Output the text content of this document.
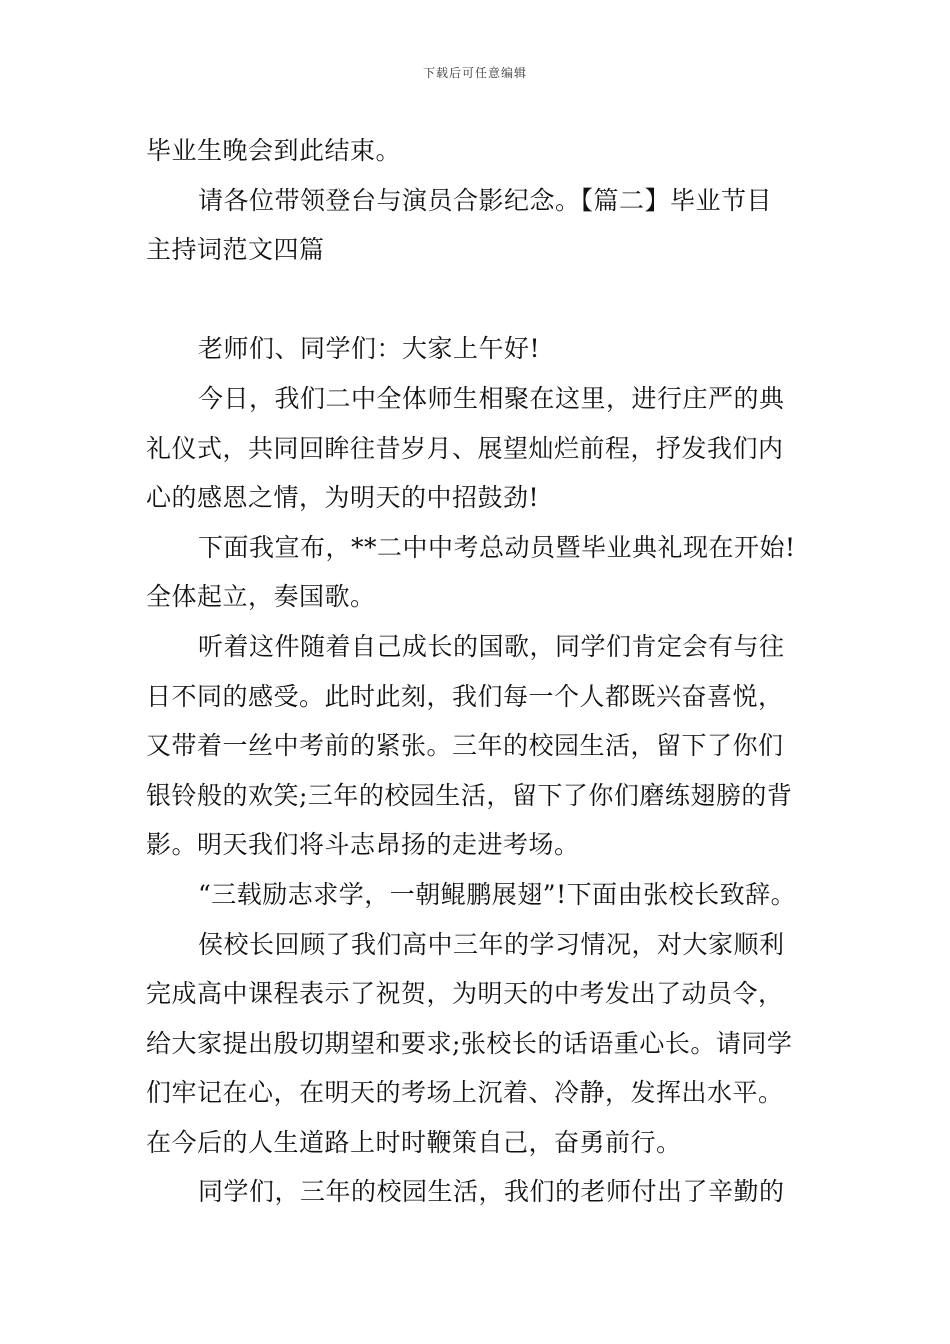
下载后可任意编辑
毕业生晚会到此结束。
请各位带领登台与演员合影纪念。【篇二】毕业节目
主持词范文四篇
老师们、同学们：大家上午好!
今日，我们二中全体师生相聚在这里，进行庄严的典
礼仪式，共同回眸往昔岁月、展望灿烂前程，抒发我们内
心的感恩之情，为明天的中招鼓劲!
下面我宣布，**二中中考总动员暨毕业典礼现在开始!
全体起立，奏国歌。
听着这件随着自己成长的国歌，同学们肯定会有与往
日不同的感受。此时此刻，我们每一个人都既兴奋喜悦，
又带着一丝中考前的紧张。三年的校园生活，留下了你们
银铃般的欢笑;三年的校园生活，留下了你们磨练翅膀的背
影。明天我们将斗志昂扬的走进考场。
“三载励志求学，一朝鲲鹏展翅”!下面由张校长致辞。
侯校长回顾了我们高中三年的学习情况，对大家顺利
完成高中课程表示了祝贺，为明天的中考发出了动员令，
给大家提出殷切期望和要求;张校长的话语重心长。请同学
们牢记在心，在明天的考场上沉着、冷静，发挥出水平。
在今后的人生道路上时时鞭策自己，奋勇前行。
同学们，三年的校园生活，我们的老师付出了辛勤的
